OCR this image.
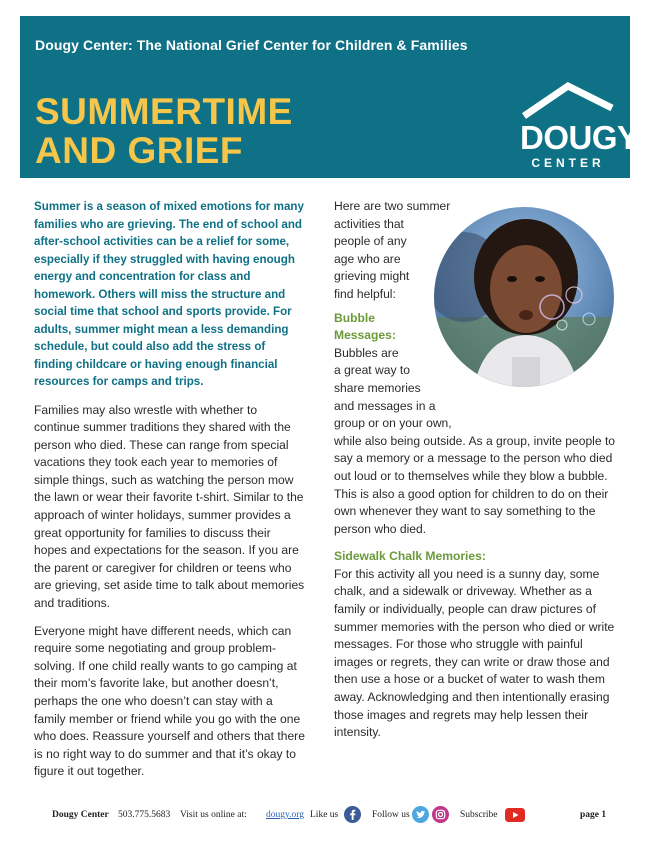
Dougy Center: The National Grief Center for Children & Families
SUMMERTIME
AND GRIEF	DOUGY
CENTER

Summer is a season of mixed emotions for many families who are grieving. The end of school and after-school activities can be a relief for some, especially if they struggled with having enough energy and concentration for class and homework. Others will miss the structure and social time that school and sports provide. For adults, summer might mean a less demanding schedule, but could also add the stress of finding childcare or having enough financial resources for camps and trips.

Families may also wrestle with whether to continue summer traditions they shared with the person who died. These can range from special vacations they took each year to memories of simple things, such as watching the person mow the lawn or wear their favorite t-shirt. Similar to the approach of winter holidays, summer provides a great opportunity for families to discuss their hopes and expectations for the season. If you are the parent or caregiver for children or teens who are grieving, set aside time to talk about memories and traditions.

Everyone might have different needs, which can require some negotiating and group problem-solving. If one child really wants to go camping at their mom’s favorite lake, but another doesn’t, perhaps the one who doesn’t can stay with a family member or friend while you go with the one who does. Reassure yourself and others that there is no right way to do summer and that it’s okay to figure it out together.

Here are two summer
activities that
people of any
age who are
grieving might
find helpful:
Bubble
Messages:
Bubbles are
a great way to
share memories
and messages in a
group or on your own,

while also being outside. As a group, invite people to say a memory or a message to the person who died out loud or to themselves while they blow a bubble. This is also a good option for children to do on their own whenever they want to say something to the person who died.

Sidewalk Chalk Memories:

For this activity all you need is a sunny day, some chalk, and a sidewalk or driveway. Whether as a family or individually, people can draw pictures of summer memories with the person who died or write messages. For those who struggle with painful images or regrets, they can write or draw those and then use a hose or a bucket of water to wash them away. Acknowledging and then intentionally erasing those images and regrets may help lessen their intensity.

Dougy Center 503.775.5683 Visit us online at: dougy.org Like us	Follow us	Subscribe	page 1
